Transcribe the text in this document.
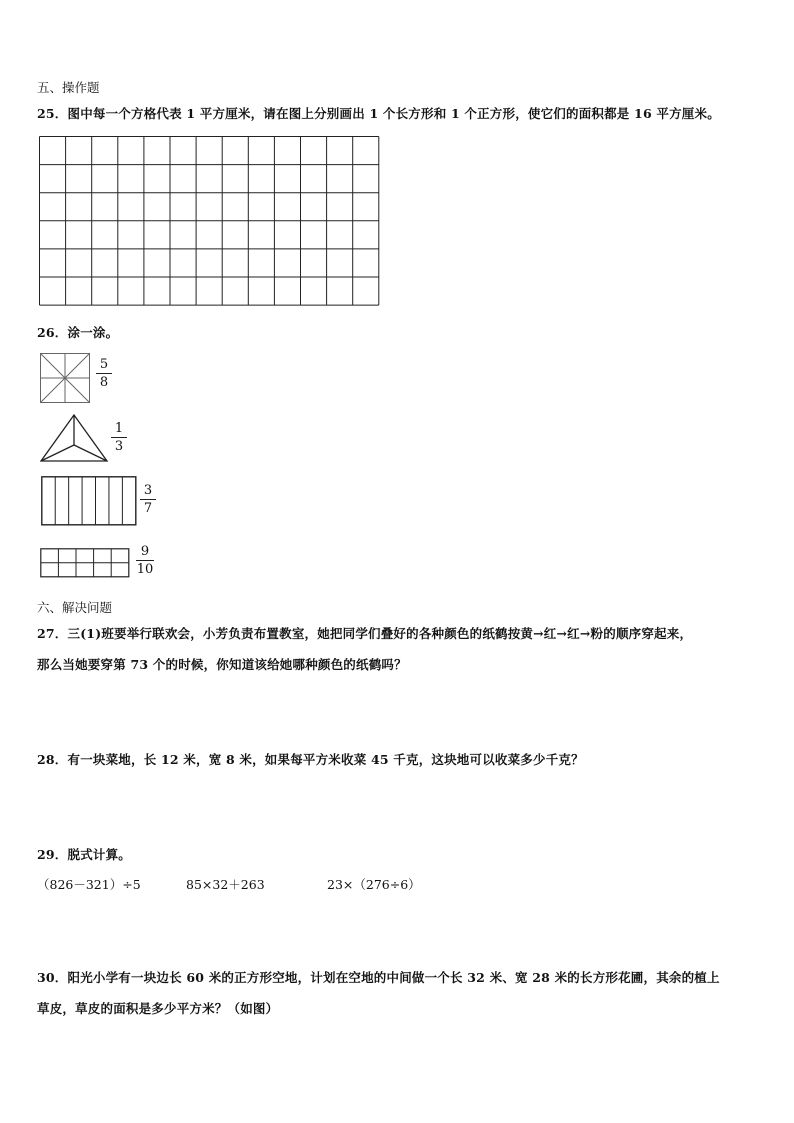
五、操作题
25．图中每一个方格代表 1 平方厘米，请在图上分别画出 1 个长方形和 1 个正方形，使它们的面积都是 16 平方厘米。
26．涂一涂。
5
8
1
3
3
7
9
10
六、解决问题
27．三(1)班要举行联欢会，小芳负责布置教室，她把同学们叠好的各种颜色的纸鹤按黄→红→红→粉的顺序穿起来，
那么当她要穿第 73 个的时候，你知道该给她哪种颜色的纸鹤吗？
28．有一块菜地，长 12 米，宽 8 米，如果每平方米收菜 45 千克，这块地可以收菜多少千克？
29．脱式计算。
（826－321）÷5	85×32＋263	23×（276÷6）
30．阳光小学有一块边长 60 米的正方形空地，计划在空地的中间做一个长 32 米、宽 28 米的长方形花圃，其余的植上
草皮，草皮的面积是多少平方米？（如图）
